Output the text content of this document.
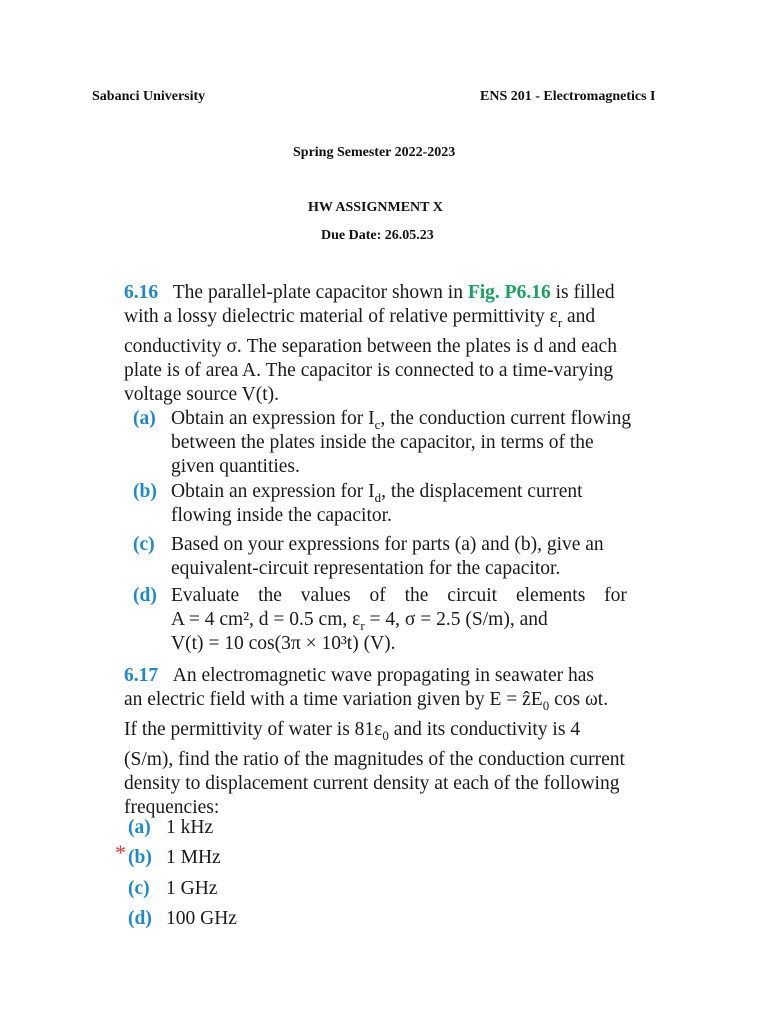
Sabanci University	ENS 201 - Electromagnetics I
Spring Semester 2022-2023
HW ASSIGNMENT X
Due Date: 26.05.23
6.16 The parallel-plate capacitor shown in Fig. P6.16 is filled
with a lossy dielectric material of relative permittivity $\varepsilon_r$ and
conductivity σ. The separation between the plates is d and each
plate is of area A. The capacitor is connected to a time-varying
voltage source V(t).
(a) Obtain an expression for $I_c$, the conduction current flowing
between the plates inside the capacitor, in terms of the
given quantities.
(b) Obtain an expression for $I_d$, the displacement current
flowing inside the capacitor.
(c) Based on your expressions for parts (a) and (b), give an
equivalent-circuit representation for the capacitor.
(d) Evaluate the values of the circuit elements for
A = 4 cm², d = 0.5 cm, $\varepsilon_r = 4$, σ = 2.5 (S/m), and
V(t) = 10 cos(3π × 10³t) (V).
6.17 An electromagnetic wave propagating in seawater has
an electric field with a time variation given by E = ẑE$_0$ cos ωt.
If the permittivity of water is $81\varepsilon_0$ and its conductivity is 4
(S/m), find the ratio of the magnitudes of the conduction current
density to displacement current density at each of the following
frequencies:
(a) 1 kHz
* (b) 1 MHz
(c) 1 GHz
(d) 100 GHz
